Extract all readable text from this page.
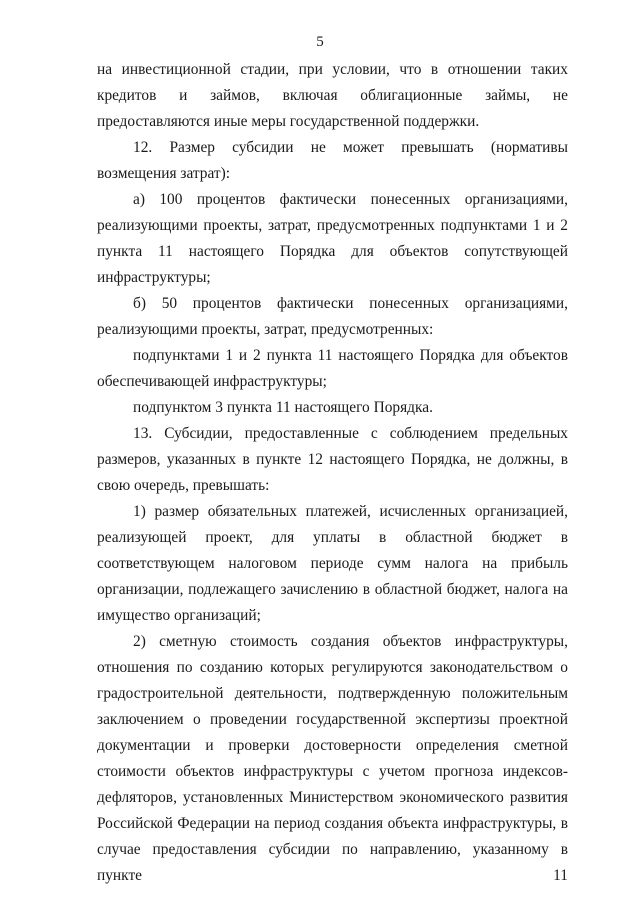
5

на инвестиционной стадии, при условии, что в отношении таких кредитов и займов, включая облигационные займы, не предоставляются иные меры государственной поддержки.

12. Размер субсидии не может превышать (нормативы возмещения затрат):

а) 100 процентов фактически понесенных организациями, реализующими проекты, затрат, предусмотренных подпунктами 1 и 2 пункта 11 настоящего Порядка для объектов сопутствующей инфраструктуры;

б) 50 процентов фактически понесенных организациями, реализующими проекты, затрат, предусмотренных:

подпунктами 1 и 2 пункта 11 настоящего Порядка для объектов обеспечивающей инфраструктуры;

подпунктом 3 пункта 11 настоящего Порядка.

13. Субсидии, предоставленные с соблюдением предельных размеров, указанных в пункте 12 настоящего Порядка, не должны, в свою очередь, превышать:

1) размер обязательных платежей, исчисленных организацией, реализующей проект, для уплаты в областной бюджет в соответствующем налоговом периоде сумм налога на прибыль организации, подлежащего зачислению в областной бюджет, налога на имущество организаций;

2) сметную стоимость создания объектов инфраструктуры, отношения по созданию которых регулируются законодательством о градостроительной деятельности, подтвержденную положительным заключением о проведении государственной экспертизы проектной документации и проверки достоверности определения сметной стоимости объектов инфраструктуры с учетом прогноза индексов-дефляторов, установленных Министерством экономического развития Российской Федерации на период создания объекта инфраструктуры, в случае предоставления субсидии по направлению, указанному в пункте 11
